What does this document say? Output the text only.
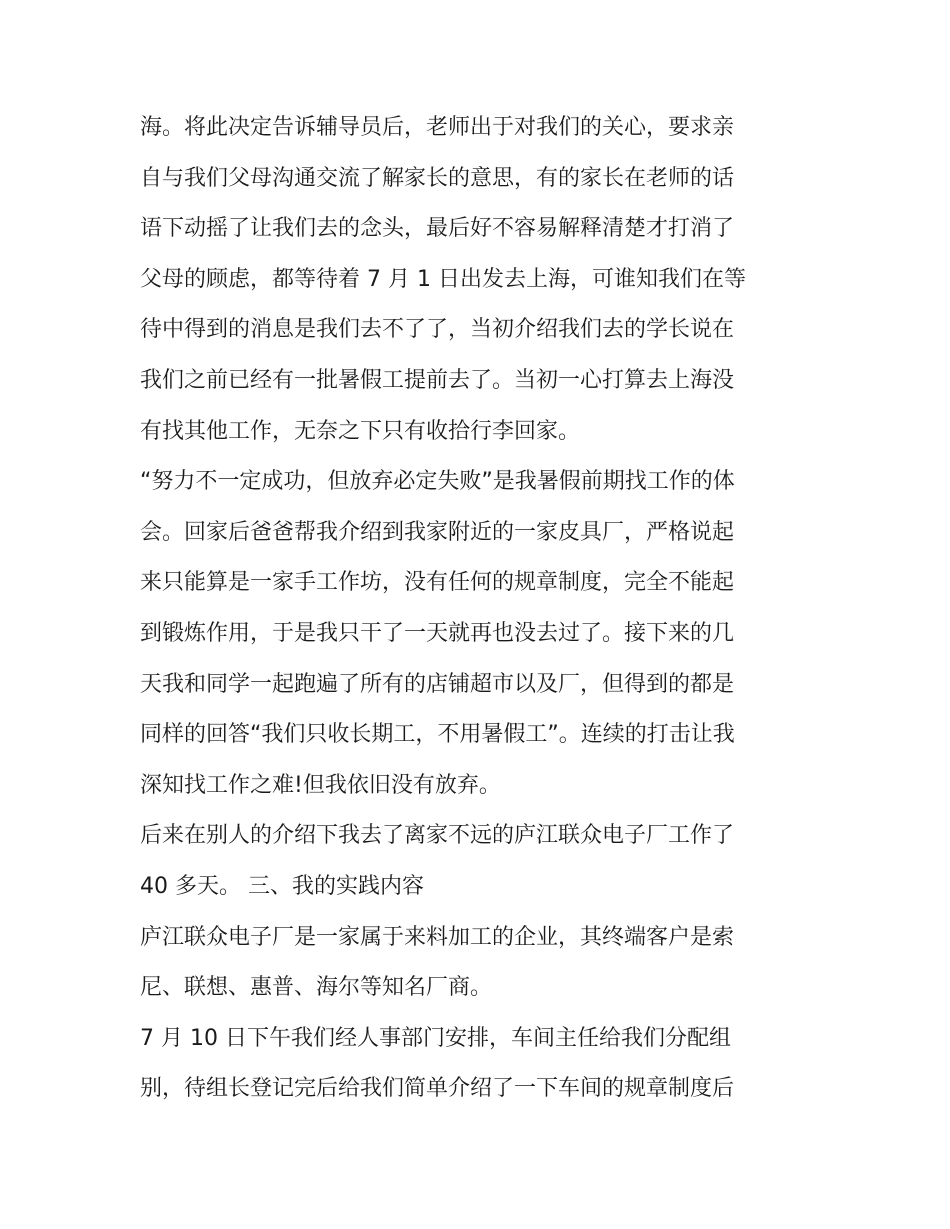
海。将此决定告诉辅导员后，老师出于对我们的关心，要求亲
自与我们父母沟通交流了解家长的意思，有的家长在老师的话
语下动摇了让我们去的念头，最后好不容易解释清楚才打消了
父母的顾虑，都等待着 7 月 1 日出发去上海，可谁知我们在等
待中得到的消息是我们去不了了，当初介绍我们去的学长说在
我们之前已经有一批暑假工提前去了。当初一心打算去上海没
有找其他工作，无奈之下只有收拾行李回家。
“努力不一定成功，但放弃必定失败”是我暑假前期找工作的体
会。回家后爸爸帮我介绍到我家附近的一家皮具厂，严格说起
来只能算是一家手工作坊，没有任何的规章制度，完全不能起
到锻炼作用，于是我只干了一天就再也没去过了。接下来的几
天我和同学一起跑遍了所有的店铺超市以及厂，但得到的都是
同样的回答“我们只收长期工，不用暑假工”。连续的打击让我
深知找工作之难!但我依旧没有放弃。
后来在别人的介绍下我去了离家不远的庐江联众电子厂工作了
40 多天。 三、我的实践内容
庐江联众电子厂是一家属于来料加工的企业，其终端客户是索
尼、联想、惠普、海尔等知名厂商。
7 月 10 日下午我们经人事部门安排，车间主任给我们分配组
别，待组长登记完后给我们简单介绍了一下车间的规章制度后
